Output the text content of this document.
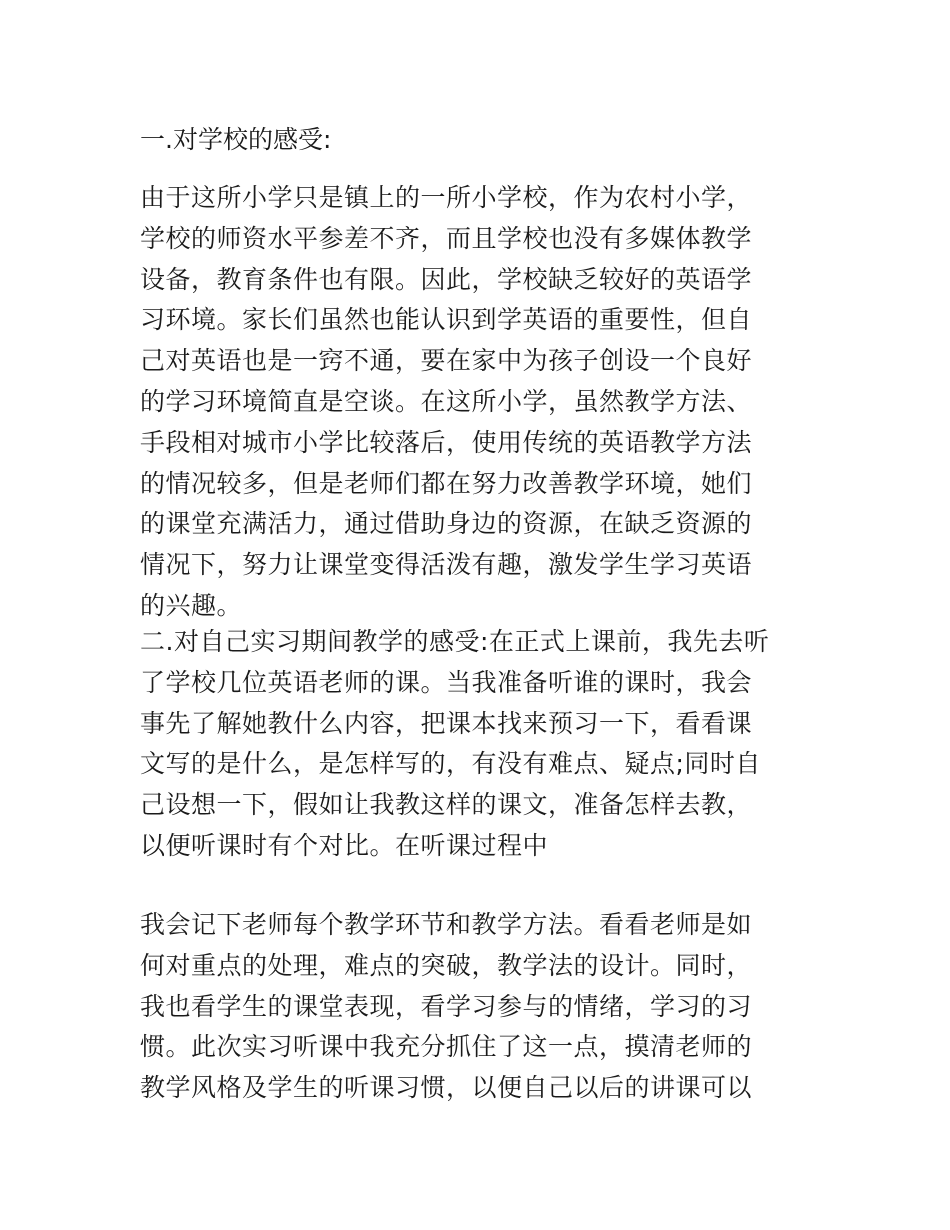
一.对学校的感受:

由于这所小学只是镇上的一所小学校，作为农村小学，
学校的师资水平参差不齐，而且学校也没有多媒体教学
设备，教育条件也有限。因此，学校缺乏较好的英语学
习环境。家长们虽然也能认识到学英语的重要性，但自
己对英语也是一窍不通，要在家中为孩子创设一个良好
的学习环境简直是空谈。在这所小学，虽然教学方法、
手段相对城市小学比较落后，使用传统的英语教学方法
的情况较多，但是老师们都在努力改善教学环境，她们
的课堂充满活力，通过借助身边的资源，在缺乏资源的
情况下，努力让课堂变得活泼有趣，激发学生学习英语
的兴趣。

二.对自己实习期间教学的感受:在正式上课前，我先去听
了学校几位英语老师的课。当我准备听谁的课时，我会
事先了解她教什么内容，把课本找来预习一下，看看课
文写的是什么，是怎样写的，有没有难点、疑点;同时自
己设想一下，假如让我教这样的课文，准备怎样去教，
以便听课时有个对比。在听课过程中

我会记下老师每个教学环节和教学方法。看看老师是如
何对重点的处理，难点的突破，教学法的设计。同时，
我也看学生的课堂表现，看学习参与的情绪，学习的习
惯。此次实习听课中我充分抓住了这一点，摸清老师的
教学风格及学生的听课习惯，以便自己以后的讲课可以
